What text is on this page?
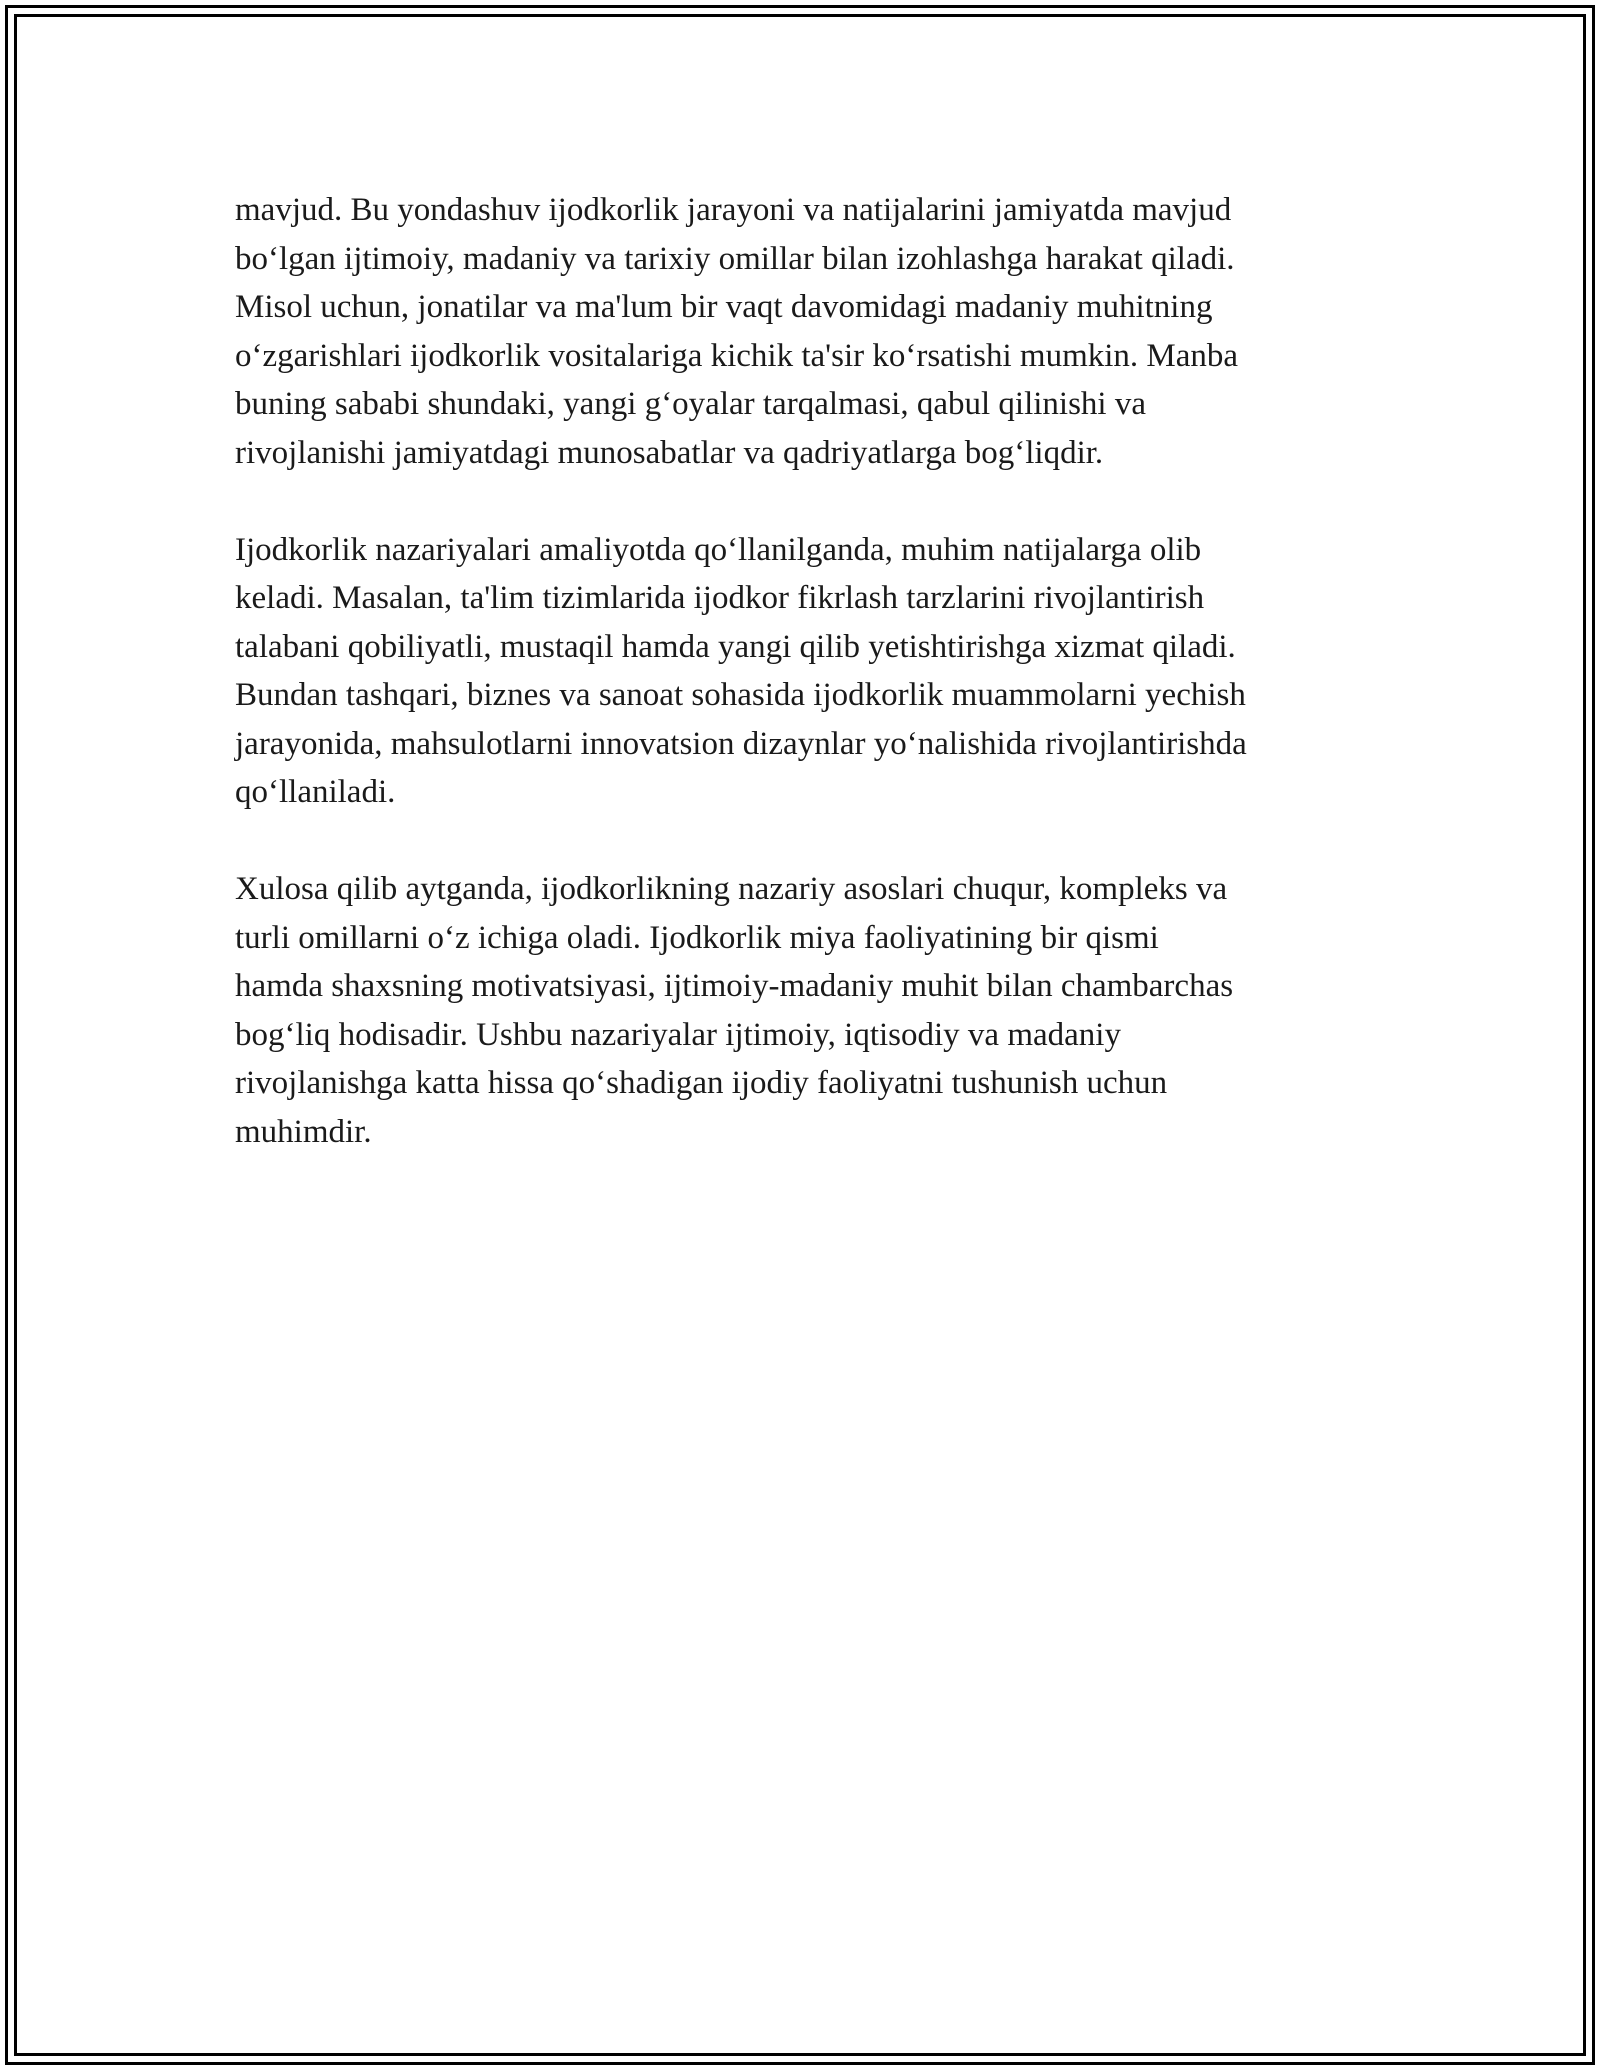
mavjud. Bu yondashuv ijodkorlik jarayoni va natijalarini jamiyatda mavjud
bo‘lgan ijtimoiy, madaniy va tarixiy omillar bilan izohlashga harakat qiladi.
Misol uchun, jonatilar va ma'lum bir vaqt davomidagi madaniy muhitning
o‘zgarishlari ijodkorlik vositalariga kichik ta'sir ko‘rsatishi mumkin. Manba
buning sababi shundaki, yangi g‘oyalar tarqalmasi, qabul qilinishi va
rivojlanishi jamiyatdagi munosabatlar va qadriyatlarga bog‘liqdir.

Ijodkorlik nazariyalari amaliyotda qo‘llanilganda, muhim natijalarga olib
keladi. Masalan, ta'lim tizimlarida ijodkor fikrlash tarzlarini rivojlantirish
talabani qobiliyatli, mustaqil hamda yangi qilib yetishtirishga xizmat qiladi.
Bundan tashqari, biznes va sanoat sohasida ijodkorlik muammolarni yechish
jarayonida, mahsulotlarni innovatsion dizaynlar yo‘nalishida rivojlantirishda
qo‘llaniladi.

Xulosa qilib aytganda, ijodkorlikning nazariy asoslari chuqur, kompleks va
turli omillarni o‘z ichiga oladi. Ijodkorlik miya faoliyatining bir qismi
hamda shaxsning motivatsiyasi, ijtimoiy-madaniy muhit bilan chambarchas
bog‘liq hodisadir. Ushbu nazariyalar ijtimoiy, iqtisodiy va madaniy
rivojlanishga katta hissa qo‘shadigan ijodiy faoliyatni tushunish uchun
muhimdir.
